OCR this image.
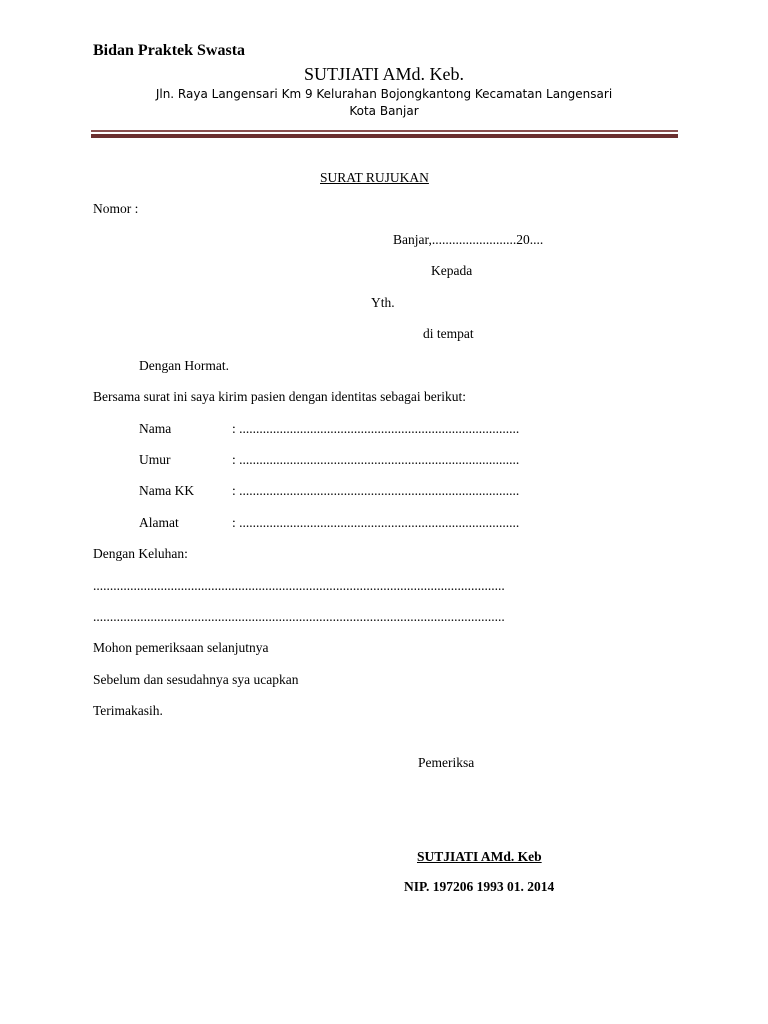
Bidan Praktek Swasta
SUTJIATI AMd. Keb.
Jln. Raya Langensari Km 9 Kelurahan Bojongkantong Kecamatan Langensari
Kota Banjar
SURAT RUJUKAN
Nomor :
Banjar,.........................20....
Kepada
Yth.
di tempat
Dengan Hormat.
Bersama surat ini saya kirim pasien dengan identitas sebagai berikut:
Nama	: ...................................................................................
Umur	: ...................................................................................
Nama KK	: ...................................................................................
Alamat	: ...................................................................................
Dengan Keluhan:
..........................................................................................................................
..........................................................................................................................
Mohon pemeriksaan selanjutnya
Sebelum dan sesudahnya sya ucapkan
Terimakasih.
Pemeriksa
SUTJIATI AMd. Keb
NIP. 197206 1993 01. 2014
